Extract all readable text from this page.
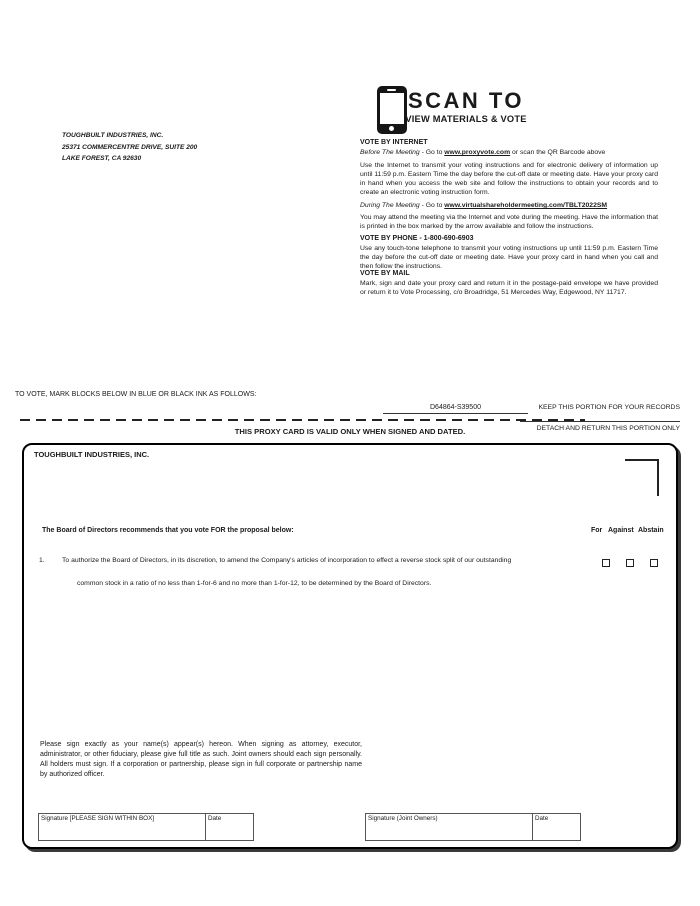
TOUGHBUILT INDUSTRIES, INC.
25371 COMMERCENTRE DRIVE, SUITE 200
LAKE FOREST, CA 92630
SCAN TO
VIEW MATERIALS & VOTE
VOTE BY INTERNET
Before The Meeting - Go to www.proxyvote.com or scan the QR Barcode above
Use the Internet to transmit your voting instructions and for electronic delivery of information up until 11:59 p.m. Eastern Time the day before the cut-off date or meeting date. Have your proxy card in hand when you access the web site and follow the instructions to obtain your records and to create an electronic voting instruction form.
During The Meeting - Go to www.virtualshareholdermeeting.com/TBLT2022SM
You may attend the meeting via the Internet and vote during the meeting. Have the information that is printed in the box marked by the arrow available and follow the instructions.
VOTE BY PHONE - 1-800-690-6903
Use any touch-tone telephone to transmit your voting instructions up until 11:59 p.m. Eastern Time the day before the cut-off date or meeting date. Have your proxy card in hand when you call and then follow the instructions.
VOTE BY MAIL
Mark, sign and date your proxy card and return it in the postage-paid envelope we have provided or return it to Vote Processing, c/o Broadridge, 51 Mercedes Way, Edgewood, NY 11717.
TO VOTE, MARK BLOCKS BELOW IN BLUE OR BLACK INK AS FOLLOWS:
D64864-S39500	KEEP THIS PORTION FOR YOUR RECORDS
THIS PROXY CARD IS VALID ONLY WHEN SIGNED AND DATED.	DETACH AND RETURN THIS PORTION ONLY
TOUGHBUILT INDUSTRIES, INC.
The Board of Directors recommends that you vote FOR the proposal below:	For Against Abstain
1.	To authorize the Board of Directors, in its discretion, to amend the Company's articles of incorporation to effect a reverse stock split of our outstanding
common stock in a ratio of no less than 1-for-6 and no more than 1-for-12, to be determined by the Board of Directors.
Please sign exactly as your name(s) appear(s) hereon. When signing as attorney, executor, administrator, or other fiduciary, please give full title as such. Joint owners should each sign personally. All holders must sign. If a corporation or partnership, please sign in full corporate or partnership name by authorized officer.
Signature [PLEASE SIGN WITHIN BOX]	Date	Signature (Joint Owners)	Date
